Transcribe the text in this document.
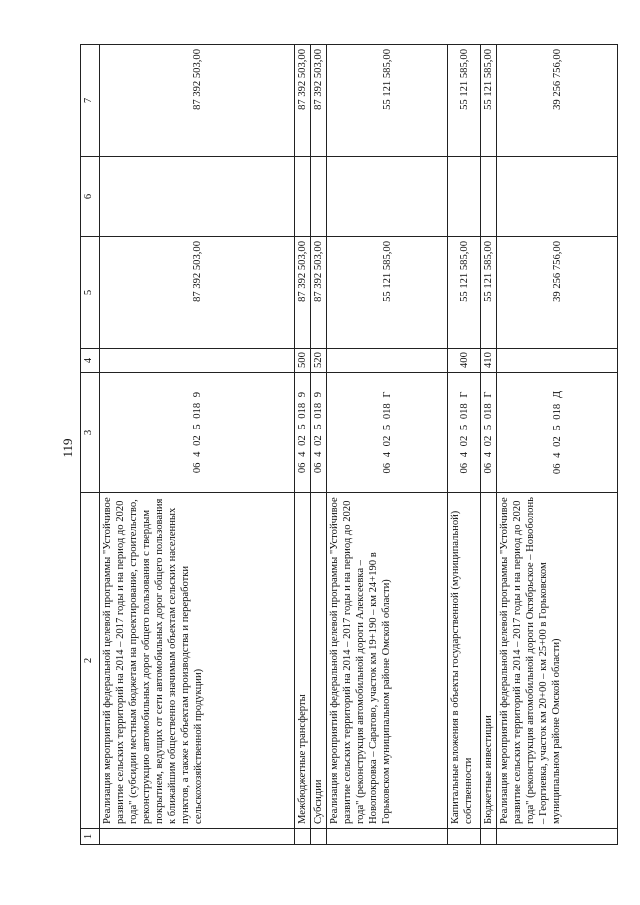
119
1	2	3	4	5	6	7
	Реализация мероприятий федеральной целевой программы "Устойчивое развитие сельских территорий на 2014 – 2017 годы и на период до 2020 года" (субсидии местным бюджетам на проектирование, строительство, реконструкцию автомобильных дорог общего пользования с твердым покрытием, ведущих от сети автомобильных дорог общего пользования к ближайшим общественно значимым объектам сельских населенных пунктов, а также к объектам производства и переработки сельскохозяйственной продукции)	06 4 02 5 018 9		87 392 503,00		87 392 503,00
	Межбюджетные трансферты	06 4 02 5 018 9	500	87 392 503,00		87 392 503,00
	Субсидии	06 4 02 5 018 9	520	87 392 503,00		87 392 503,00
	Реализация мероприятий федеральной целевой программы "Устойчивое развитие сельских территорий на 2014 – 2017 годы и на период до 2020 года" (реконструкция автомобильной дороги Алексеевка – Новопокровка – Саратово, участок км 19+190 – км 24+190 в Горьковском муниципальном районе Омской области)	06 4 02 5 018 Г		55 121 585,00		55 121 585,00
	Капитальные вложения в объекты государственной (муниципальной) собственности	06 4 02 5 018 Г	400	55 121 585,00		55 121 585,00
	Бюджетные инвестиции	06 4 02 5 018 Г	410	55 121 585,00		55 121 585,00
	Реализация мероприятий федеральной целевой программы "Устойчивое развитие сельских территорий на 2014 – 2017 годы и на период до 2020 года" (реконструкция автомобильной дороги Октябрьское – Новоболонь – Георгиевка, участок км 20+00 – км 25+00 в Горьковском муниципальном районе Омской области)	06 4 02 5 018 Д		39 256 756,00		39 256 756,00
